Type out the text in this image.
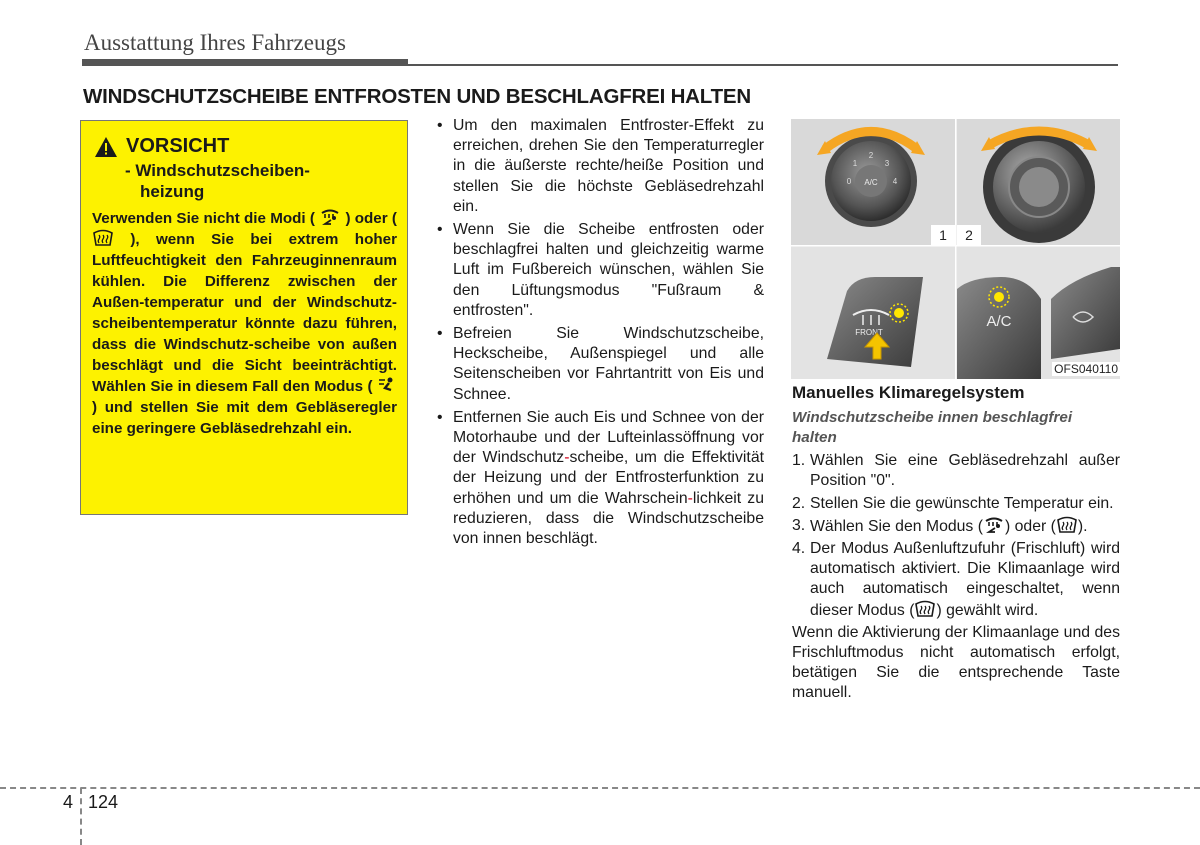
Ausstattung Ihres Fahrzeugs
WINDSCHUTZSCHEIBE ENTFROSTEN UND BESCHLAGFREI HALTEN
VORSICHT
- Windschutzscheiben-
heizung

Verwenden Sie nicht die Modi ( ) oder (  ), wenn Sie bei extrem hoher Luftfeuchtigkeit den Fahrzeuginnenraum kühlen. Die Differenz zwischen der Außen-temperatur und der Windschutz-scheibentemperatur könnte dazu führen, dass die Windschutz-scheibe von außen beschlägt und die Sicht beeinträchtigt. Wählen Sie in diesem Fall den Modus (  ) und stellen Sie mit dem Gebläseregler eine geringere Gebläsedrehzahl ein.

• Um den maximalen Entfroster-Effekt zu erreichen, drehen Sie den Temperaturregler in die äußerste rechte/heiße Position und stellen Sie die höchste Gebläsedrehzahl ein.
• Wenn Sie die Scheibe entfrosten oder beschlagfrei halten und gleichzeitig warme Luft im Fußbereich wünschen, wählen Sie den Lüftungsmodus "Fußraum & entfrosten".
• Befreien Sie Windschutzscheibe, Heckscheibe, Außenspiegel und alle Seitenscheiben vor Fahrtantritt von Eis und Schnee.
• Entfernen Sie auch Eis und Schnee von der Motorhaube und der Lufteinlassöffnung vor der Windschutz-scheibe, um die Effektivität der Heizung und der Entfrosterfunktion zu erhöhen und um die Wahrschein-lichkeit zu reduzieren, dass die Windschutzscheibe von innen beschlägt.
A/C
0
1
2
3
4
1 2
FRONT
A/C
OFS040110
Manuelles Klimaregelsystem
Windschutzscheibe innen beschlagfrei halten
1. Wählen Sie eine Gebläsedrehzahl außer Position "0".
2. Stellen Sie die gewünschte Temperatur ein.
3. Wählen Sie den Modus ( ) oder ( ).
4. Der Modus Außenluftzufuhr (Frischluft) wird automatisch aktiviert. Die Klimaanlage wird auch automatisch eingeschaltet, wenn dieser Modus ( ) gewählt wird.

Wenn die Aktivierung der Klimaanlage und des Frischluftmodus nicht automatisch erfolgt, betätigen Sie die entsprechende Taste manuell.

4 124
